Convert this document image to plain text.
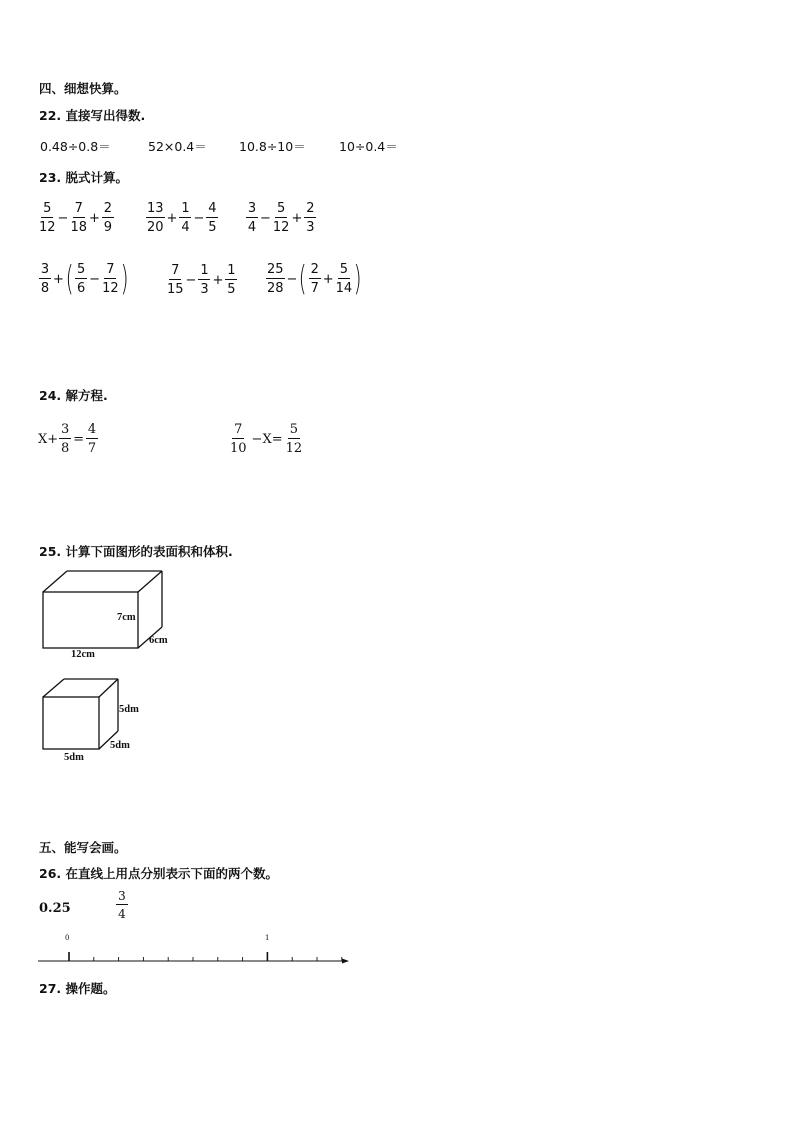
四、细想快算。
22. 直接写出得数.
0.48÷0.8＝	52×0.4＝	10.8÷10＝	10÷0.4＝
23. 脱式计算。
$\frac{5}{12} - \frac{7}{18} + \frac{2}{9} \frac{13}{20} + \frac{1}{4} - \frac{4}{5} \frac{3}{4} - \frac{5}{12} + \frac{2}{3}$
$\frac{3}{8}$ + ( $\frac{5}{6} - \frac{7}{12}$ )	$\frac{7}{15} - \frac{1}{3} + \frac{1}{5} \frac{25}{28}$ − ( $\frac{2}{7} + \frac{5}{14}$ )
24. 解方程.
$X+ \frac{3}{8} = \frac{4}{7}$	$\frac{7}{10} -X= \frac{5}{12}$
25. 计算下面图形的表面积和体积.
7cm
6cm
12cm
5dm
5dm
5dm
五、能写会画。
26. 在直线上用点分别表示下面的两个数。
0.25	$\frac{3}{4}$
0	1
27. 操作题。
